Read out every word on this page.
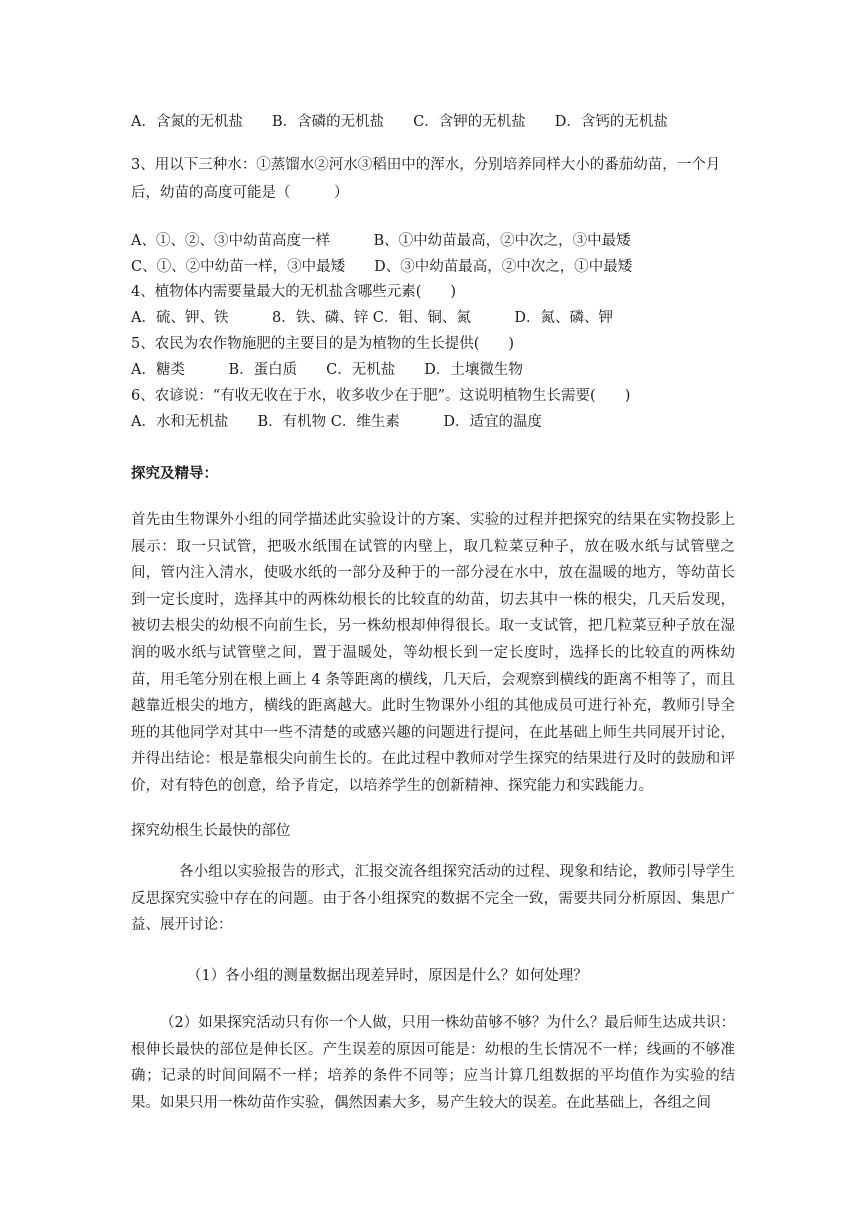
A．含氮的无机盐　　B．含磷的无机盐　　C．含钾的无机盐　　D．含钙的无机盐
3、用以下三种水：①蒸馏水②河水③稻田中的浑水，分别培养同样大小的番茄幼苗，一个月
后，幼苗的高度可能是（　　　）
A、①、②、③中幼苗高度一样　　　B、①中幼苗最高，②中次之，③中最矮
C、①、②中幼苗一样，③中最矮　　D、③中幼苗最高，②中次之，①中最矮
4、植物体内需要量最大的无机盐含哪些元素(　　)
A．硫、钾、铁　　　8．铁、磷、锌 C．钼、铜、氮　　　D．氮、磷、钾
5、农民为农作物施肥的主要目的是为植物的生长提供(　　)
A．糖类　　　B．蛋白质　　C．无机盐　　D．土壤微生物
6、农谚说：“有收无收在于水，收多收少在于肥”。这说明植物生长需要(　　)
A．水和无机盐　　B．有机物 C．维生素　　　D．适宜的温度
探究及精导：
首先由生物课外小组的同学描述此实验设计的方案、实验的过程并把探究的结果在实物投影上展示：取一只试管，把吸水纸围在试管的内壁上，取几粒菜豆种子，放在吸水纸与试管壁之间，管内注入清水，使吸水纸的一部分及种于的一部分浸在水中，放在温暖的地方，等幼苗长到一定长度时，选择其中的两株幼根长的比较直的幼苗，切去其中一株的根尖，几天后发现，被切去根尖的幼根不向前生长，另一株幼根却伸得很长。取一支试管，把几粒菜豆种子放在湿润的吸水纸与试管壁之间，置于温暖处，等幼根长到一定长度时，选择长的比较直的两株幼苗，用毛笔分别在根上画上 4 条等距离的横线，几天后，会观察到横线的距离不相等了，而且越靠近根尖的地方，横线的距离越大。此时生物课外小组的其他成员可进行补充，教师引导全班的其他同学对其中一些不清楚的或感兴趣的问题进行提问，在此基础上师生共同展开讨论，并得出结论：根是靠根尖向前生长的。在此过程中教师对学生探究的结果进行及时的鼓励和评价，对有特色的创意，给予肯定，以培养学生的创新精神、探究能力和实践能力。
探究幼根生长最快的部位
各小组以实验报告的形式，汇报交流各组探究活动的过程、现象和结论，教师引导学生反思探究实验中存在的问题。由于各小组探究的数据不完全一致，需要共同分析原因、集思广益、展开讨论：
（1）各小组的测量数据出现差异时，原因是什么？如何处理？
（2）如果探究活动只有你一个人做，只用一株幼苗够不够？为什么？最后师生达成共识：根伸长最快的部位是伸长区。产生误差的原因可能是：幼根的生长情况不一样；线画的不够准确；记录的时间间隔不一样；培养的条件不同等；应当计算几组数据的平均值作为实验的结果。如果只用一株幼苗作实验，偶然因素大多，易产生较大的误差。在此基础上，各组之间
